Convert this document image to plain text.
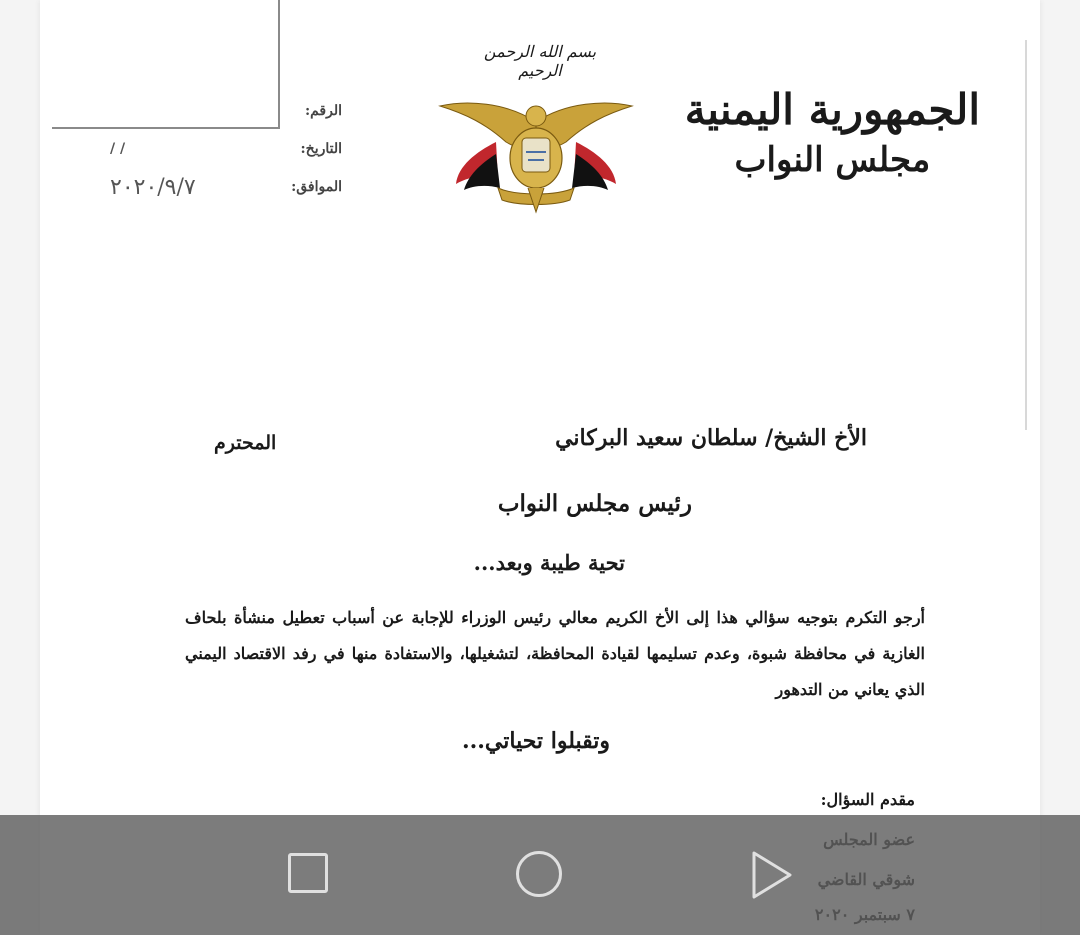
الجمهورية اليمنية
مجلس النواب
بسم الله الرحمن الرحيم
الرقم:
التاريخ:
/ /
الموافق:
٢٠٢٠/٩/٧
الأخ الشيخ/ سلطان سعيد البركاني
المحترم
رئيس مجلس النواب
تحية طيبة وبعد...
أرجو التكرم بتوجيه سؤالي هذا إلى الأخ الكريم معالي رئيس الوزراء للإجابة عن أسباب تعطيل منشأة بلحاف الغازية في محافظة شبوة، وعدم تسليمها لقيادة المحافظة، لتشغيلها، والاستفادة منها في رفد الاقتصاد اليمني الذي يعاني من التدهور
وتقبلوا تحياتي...
مقدم السؤال:
